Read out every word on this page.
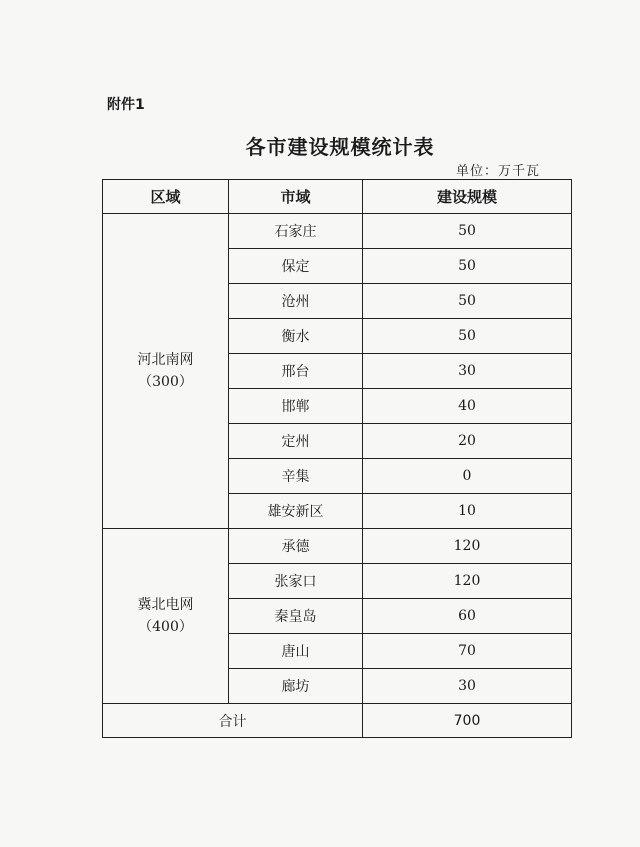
附件1
各市建设规模统计表
单位：万千瓦
区域	市域	建设规模

河北南网
（300）	石家庄	50
	保定	50
	沧州	50
	衡水	50
	邢台	30
	邯郸	40
	定州	20
	辛集	0
	雄安新区	10

冀北电网
（400）	承德	120
	张家口	120
	秦皇岛	60
	唐山	70
	廊坊	30
合计		700
